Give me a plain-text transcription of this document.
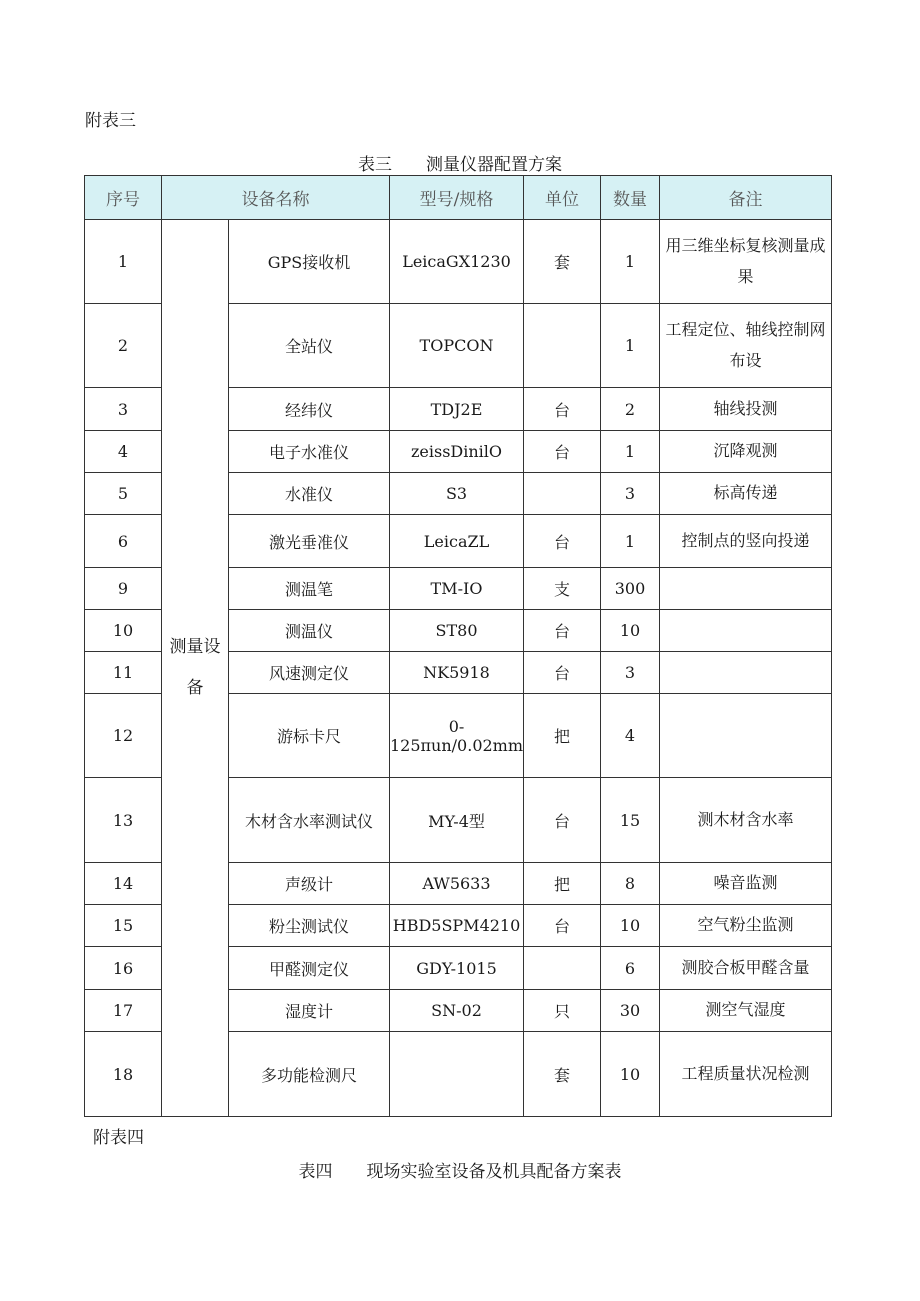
附表三
表三　　测量仪器配置方案
序号	设备名称		型号/规格	单位	数量	备注
1	测量设备	GPS接收机	LeicaGX1230	套	1	用三维坐标复核测量成果
2		全站仪	TOPCON		1	工程定位、轴线控制网布设
3		经纬仪	TDJ2E	台	2	轴线投测
4		电子水准仪	zeissDinilO	台	1	沉降观测
5		水准仪	S3		3	标高传递
6		激光垂准仪	LeicaZL	台	1	控制点的竖向投递
9		测温笔	TM-IO	支	300	
10		测温仪	ST80	台	10	
11		风速测定仪	NK5918	台	3	
12		游标卡尺	0-125πun∕0.02mm	把	4	
13		木材含水率测试仪	MY-4型	台	15	测木材含水率
14		声级计	AW5633	把	8	噪音监测
15		粉尘测试仪	HBD5SPM4210	台	10	空气粉尘监测
16		甲醛测定仪	GDY-1015		6	测胶合板甲醛含量
17		湿度计	SN-02	只	30	测空气湿度
18		多功能检测尺		套	10	工程质量状况检测
附表四
表四　　现场实验室设备及机具配备方案表
